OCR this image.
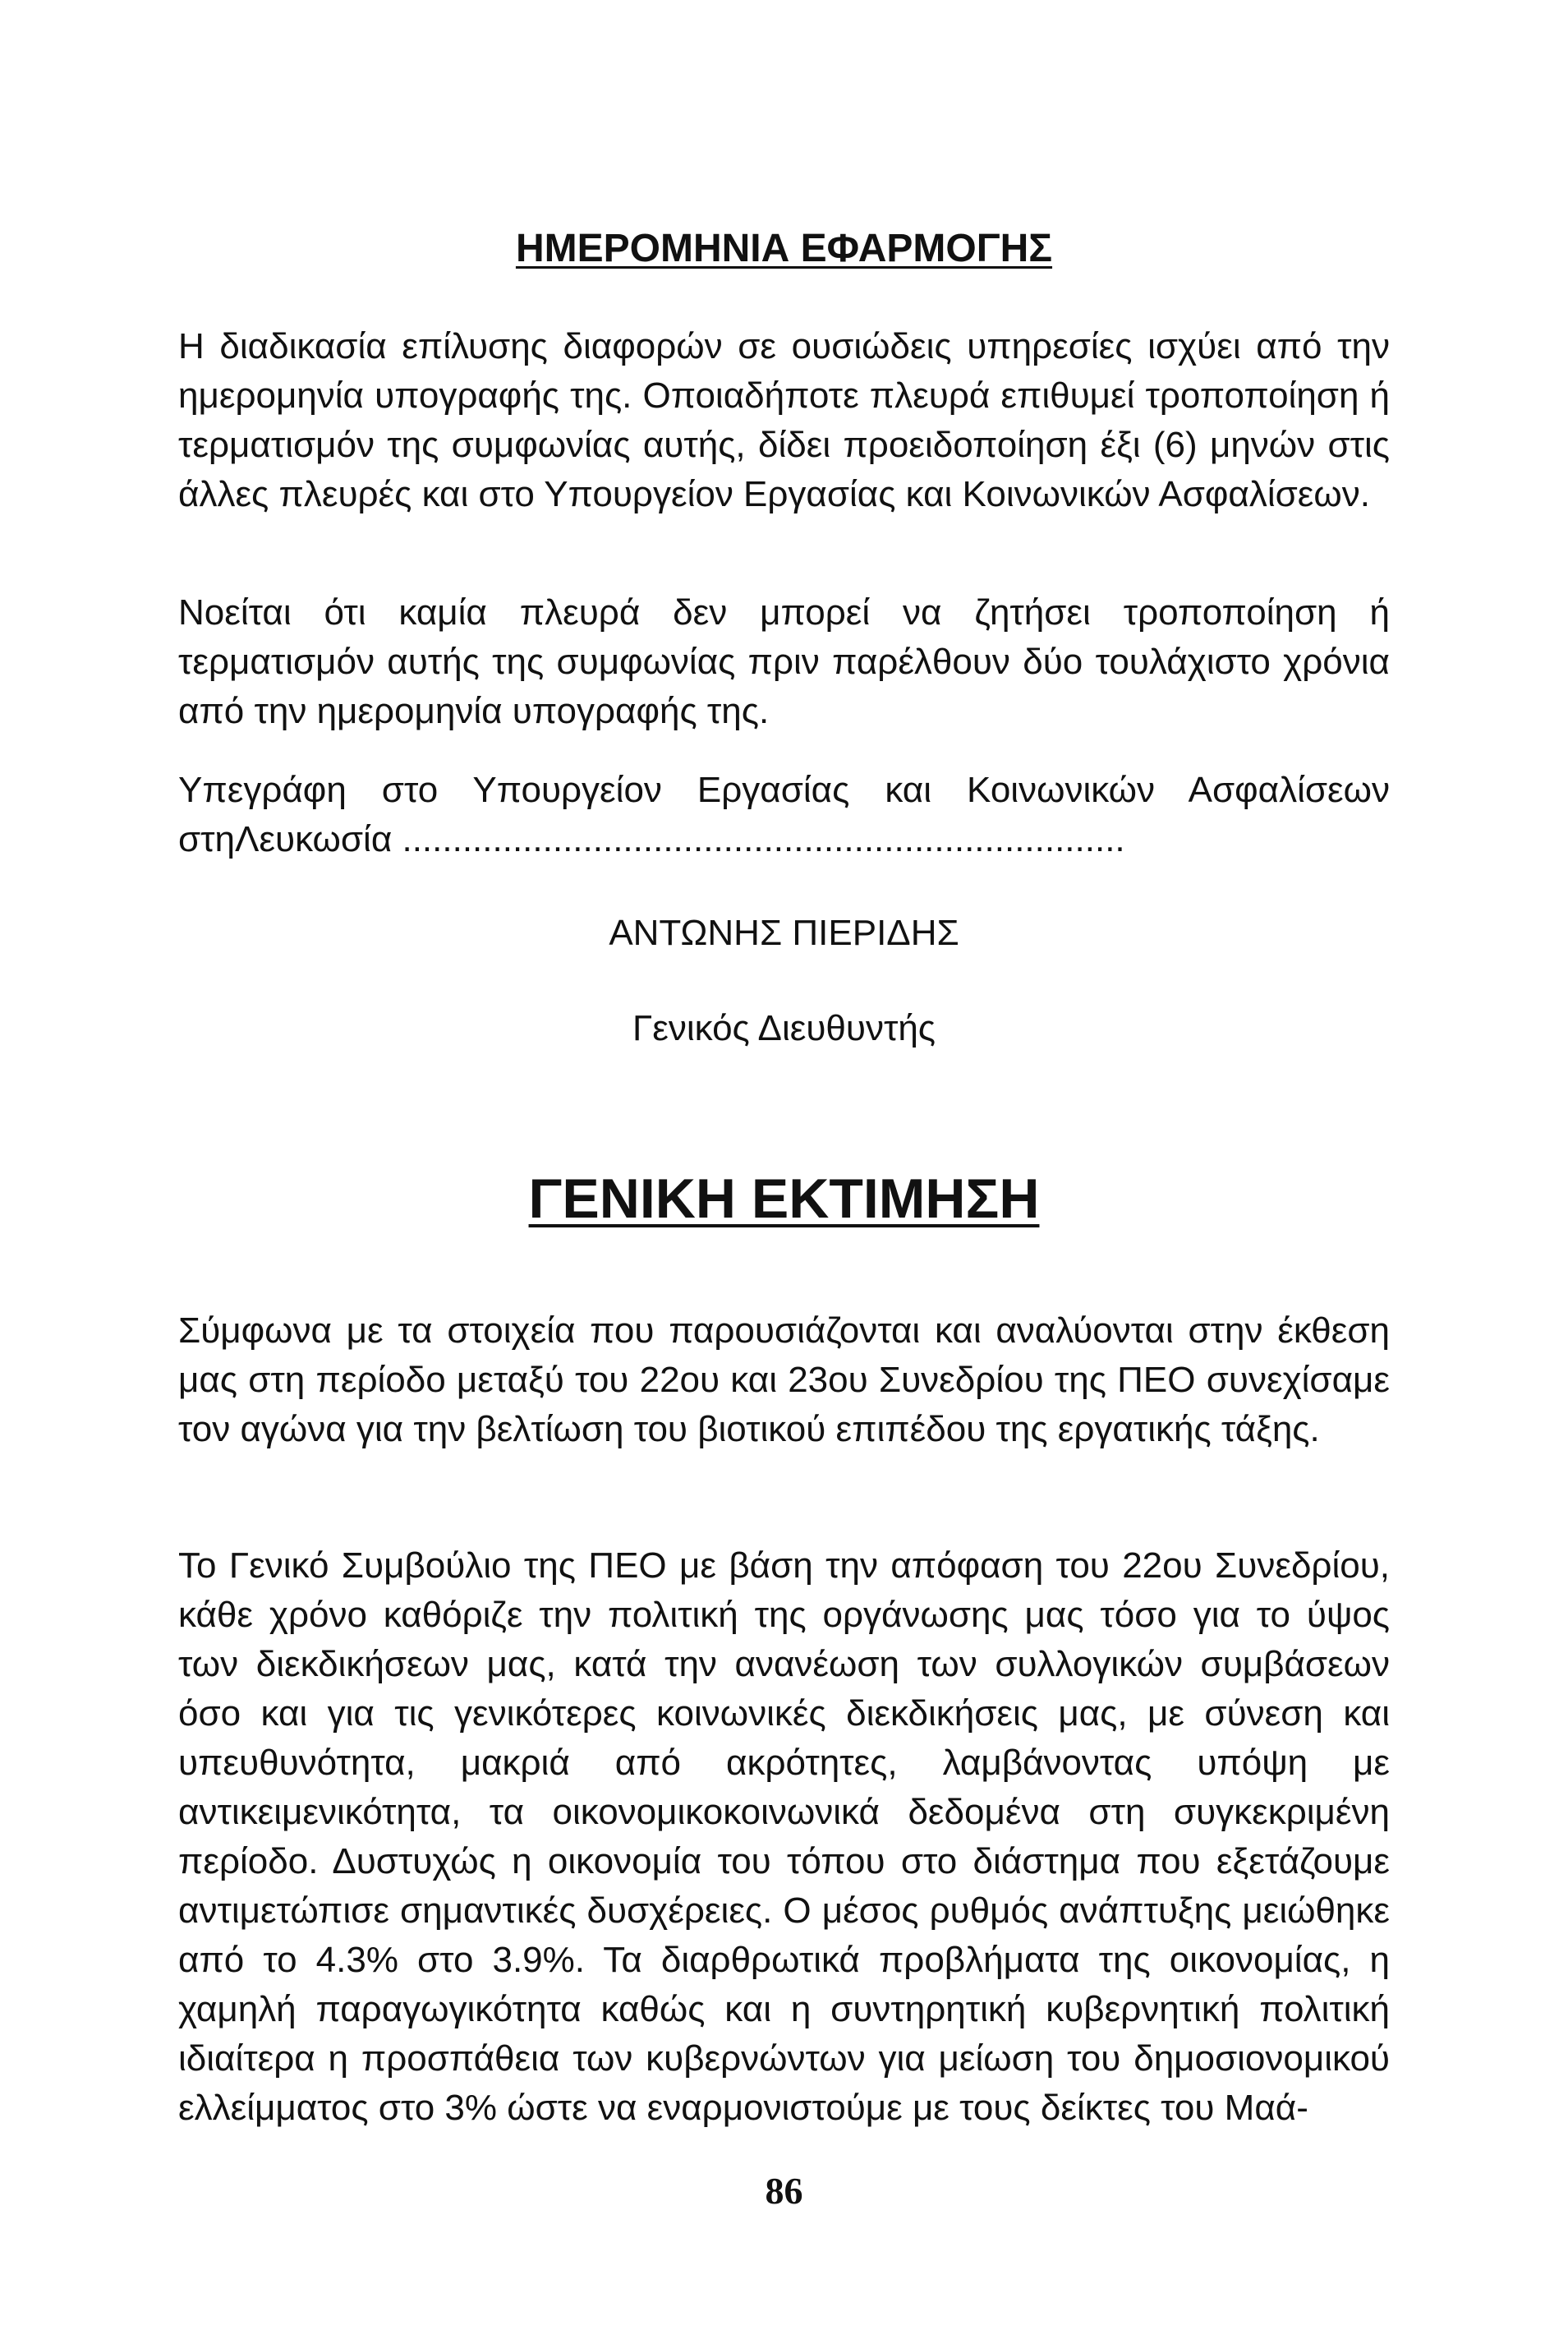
ΗΜΕΡΟΜΗΝΙΑ ΕΦΑΡΜΟΓΗΣ
Η διαδικασία επίλυσης διαφορών σε ουσιώδεις υπηρεσίες ισχύει από την ημερομηνία υπογραφής της. Οποιαδήποτε πλευρά επιθυμεί τροποποίηση ή τερματισμόν της συμφωνίας αυτής, δίδει προειδοποίηση έξι (6) μηνών στις άλλες πλευρές και στο Υπουργείον Εργασίας και Κοινωνικών Ασφαλίσεων.
Νοείται ότι καμία πλευρά δεν μπορεί να ζητήσει τροποποίηση ή τερματισμόν αυτής της συμφωνίας πριν παρέλθουν δύο τουλάχιστο χρόνια από την ημερομηνία υπογραφής της.
Υπεγράφη στο Υπουργείον Εργασίας και Κοινωνικών Ασφαλίσεων στηΛευκωσία ........................................................................
ΑΝΤΩΝΗΣ ΠΙΕΡΙΔΗΣ
Γενικός Διευθυντής
ΓΕΝΙΚΗ ΕΚΤΙΜΗΣΗ
Σύμφωνα με τα στοιχεία που παρουσιάζονται και αναλύονται στην έκθεση μας στη περίοδο μεταξύ του 22ου και 23ου Συνεδρίου της ΠΕΟ συνεχίσαμε τον αγώνα για την βελτίωση του βιοτικού επιπέδου της εργατικής τάξης.
Το Γενικό Συμβούλιο της ΠΕΟ με βάση την απόφαση του 22ου Συνεδρίου, κάθε χρόνο καθόριζε την πολιτική της οργάνωσης μας τόσο για το ύψος των διεκδικήσεων μας, κατά την ανανέωση των συλλογικών συμβάσεων όσο και για τις γενικότερες κοινωνικές διεκδικήσεις μας, με σύνεση και υπευθυνότητα, μακριά από ακρότητες, λαμβάνοντας υπόψη με αντικειμενικότητα, τα οικονομικοκοινωνικά δεδομένα στη συγκεκριμένη περίοδο. Δυστυχώς η οικονομία του τόπου στο διάστημα που εξετάζουμε αντιμετώπισε σημαντικές δυσχέρειες. Ο μέσος ρυθμός ανάπτυξης μειώθηκε από το 4.3% στο 3.9%. Τα διαρθρωτικά προβλήματα της οικονομίας, η χαμηλή παραγωγικότητα καθώς και η συντηρητική κυβερνητική πολιτική ιδιαίτερα η προσπάθεια των κυβερνώντων για μείωση του δημοσιονομικού ελλείμματος στο 3% ώστε να εναρμονιστούμε με τους δείκτες του Μαά-
86
